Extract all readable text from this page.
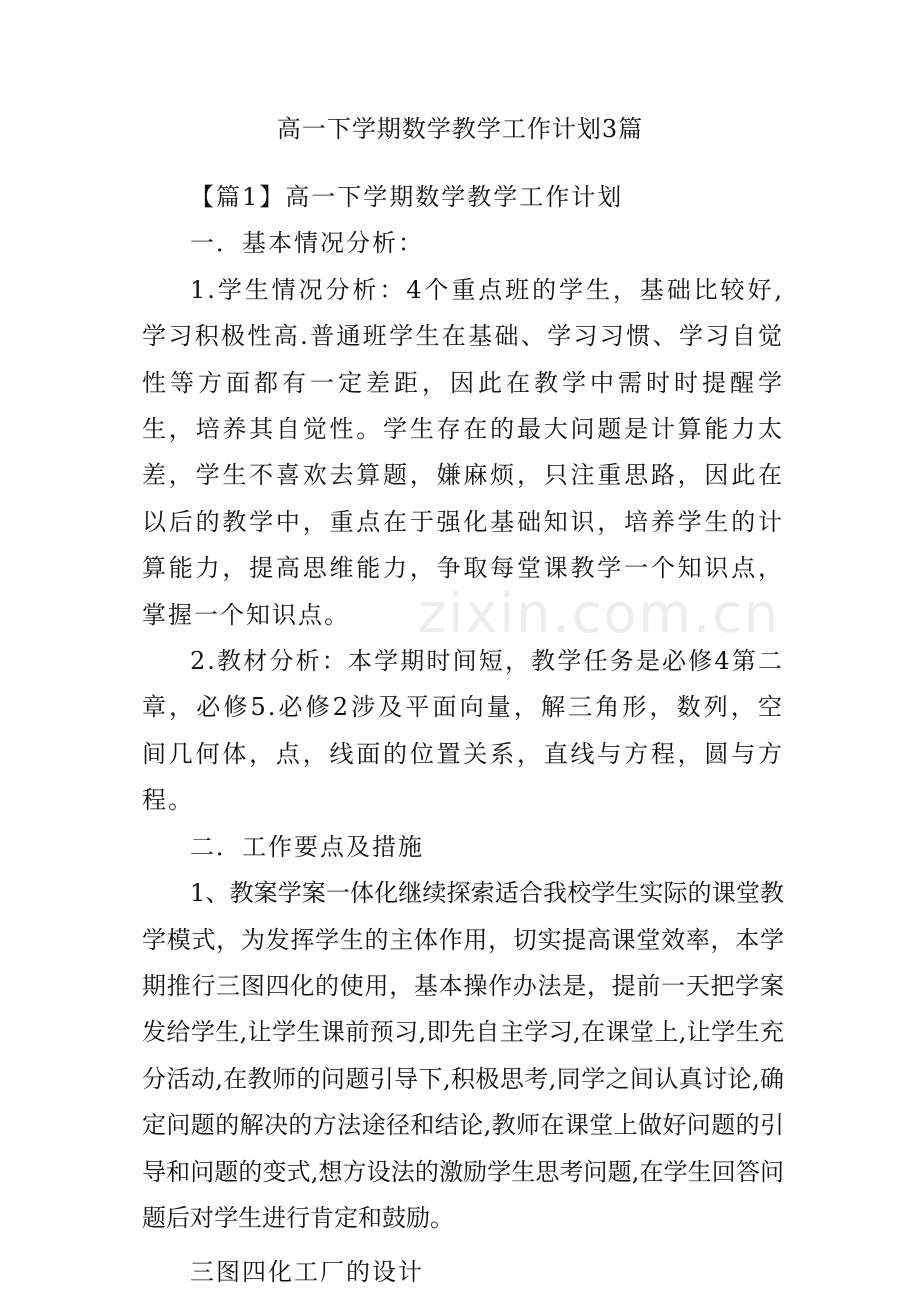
高一下学期数学教学工作计划3篇
zixin.com.cn

【篇1】高一下学期数学教学工作计划

一．基本情况分析：

1.学生情况分析：4个重点班的学生，基础比较好,学习积极性高.普通班学生在基础、学习习惯、学习自觉性等方面都有一定差距，因此在教学中需时时提醒学生，培养其自觉性。学生存在的最大问题是计算能力太差，学生不喜欢去算题，嫌麻烦，只注重思路，因此在以后的教学中，重点在于强化基础知识，培养学生的计算能力，提高思维能力，争取每堂课教学一个知识点，掌握一个知识点。

2.教材分析：本学期时间短，教学任务是必修4第二章，必修5.必修2涉及平面向量，解三角形，数列，空间几何体，点，线面的位置关系，直线与方程，圆与方程。

二．工作要点及措施

1、教案学案一体化继续探索适合我校学生实际的课堂教学模式，为发挥学生的主体作用，切实提高课堂效率，本学期推行三图四化的使用，基本操作办法是，提前一天把学案发给学生,让学生课前预习,即先自主学习,在课堂上,让学生充分活动,在教师的问题引导下,积极思考,同学之间认真讨论,确定问题的解决的方法途径和结论,教师在课堂上做好问题的引导和问题的变式,想方设法的激励学生思考问题,在学生回答问题后对学生进行肯定和鼓励。

三图四化工厂的设计
